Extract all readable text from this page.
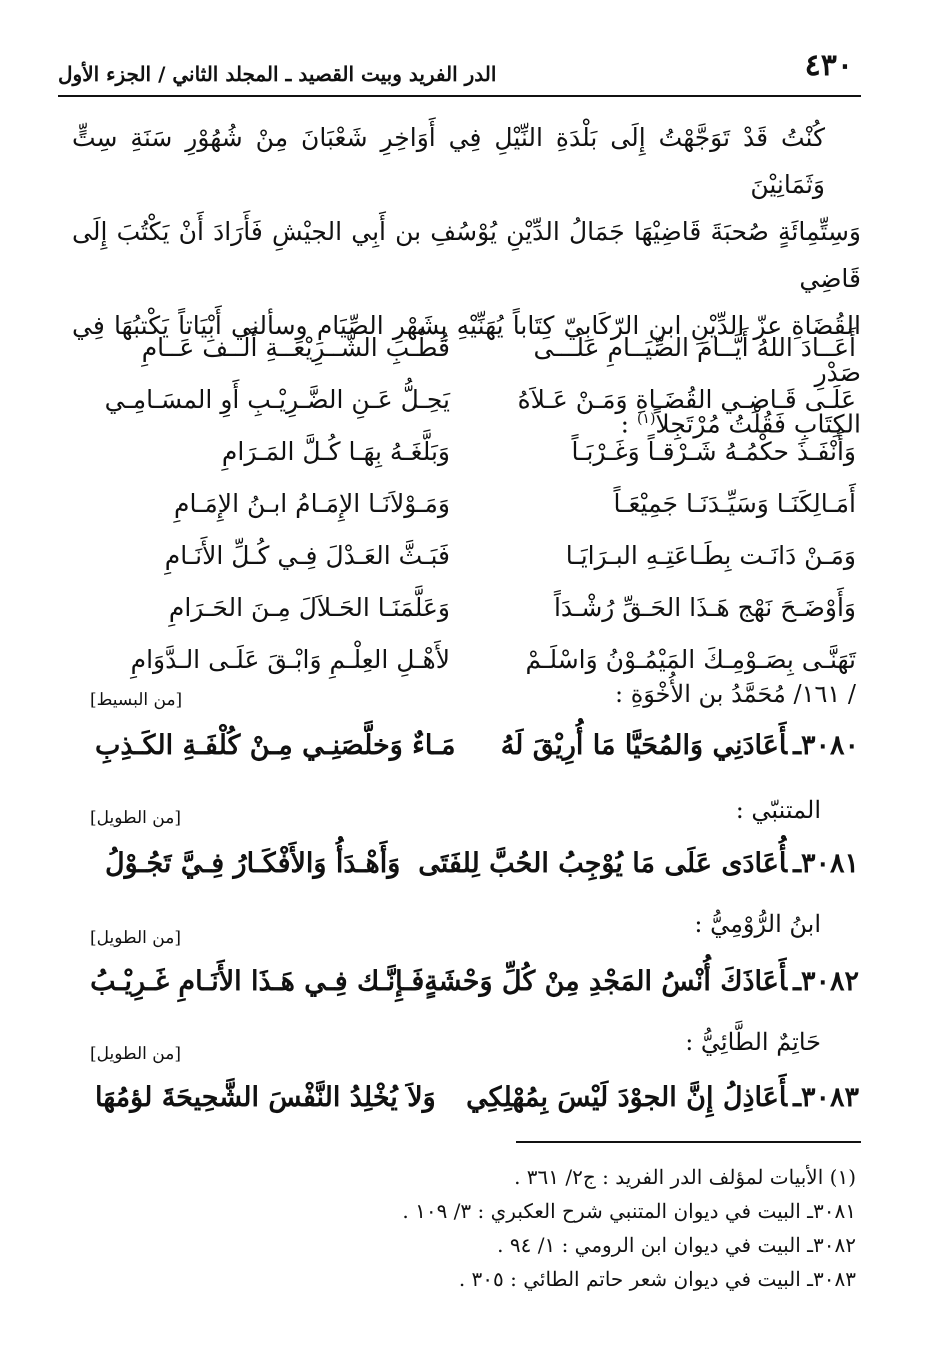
٤٣٠
الدر الفريد وبيت القصيد ـ المجلد الثاني / الجزء الأول

كُنْتُ قَدْ تَوَجَّهْتُ إِلَى بَلْدَةِ النِّيْلِ فِي أَوَاخِرِ شَعْبَانَ مِنْ شُهُوْرِ سَنَةِ سِتٍّ وَثَمَانِيْنَ

وَسِتِّمِائَةٍ صُحبَةَ قَاضِيْهَا جَمَالُ الدِّيْنِ يُوْسُفِ بن أَبِي الجيْشِ فَأَرَادَ أَنْ يَكْتُبَ إِلَى قَاضِي

القُضَاةِ عزّ الدِّيْنِ ابن الرّكَابِيّ كِتَاباً يُهَنِّيْهِ بِشَهْرِ الصِّيَامِ وسألني أَبْيَاتاً يَكْتبُهَا فِي صَدْرِ

الكِتَابِ فَقُلْتُ مُرْتَجِلاً$^{(١)}$ :

أَعَــادَ اللهُ أَيَّــامَ الصِّيَــامِ عَلَـــى
قُطْـبِ الشَّــرِيْعَــةِ أَلْــفَ عَــامِ
عَلَـى قَـاضِـي القُضَـاةِ وَمَـنْ عَـلاَهُ
يَحِـلُّ عَـنِ الضَّـرِيْـبِ أَوِ المسَـامِـي
وَأَنْفَـذَ حكْمُـهُ شَـرْقـاً وَغَـرْبَـاً
وَبَلَّغَـهُ بِهَـا كُـلَّ المَـرَامِ
أَمَـالِكَنَـا وَسَيِّـدَنَـا جَمِيْعَـاً
وَمَـوْلاَنَـا الإِمَـامُ ابـنُ الإِمَـامِ
وَمَـنْ دَانَـت بِطَـاعَتِـهِ البـرَايَـا
فَبَـثَّ العَـدْلَ فِـي كُـلِّ الأَنَـامِ
وَأَوْضَـحَ نَهْج هَـذَا الحَـقِّ رُشْـدَاً
وَعَلَّمَنَـا الحَـلاَلَ مِـنَ الحَـرَامِ
تَهَنَّـى بِصَـوْمِـكَ المَيْمُـوْنُ وَاسْلَـمْ
لأَهْـلِ العِلْـمِ وَابْـقَ عَلَـى الـدَّوَامِ
/ ١٦١/ مُحَمَّدُ بن الأُخْوَةِ :
[من البسيط]
٣٠٨٠ـأَعَادَنِي وَالمُحَيَّا مَا أُرِيْقَ لَهُ
مَـاءٌ وَخلَّصَنِـي مِـنْ كُلْفَـةِ الكَـذِبِ
المتنبّي :
[من الطويل]
٣٠٨١ـأُعَادَى عَلَى مَا يُوْجِبُ الحُبَّ لِلفَتَى
وَأَهْـدَأُ وَالأَفْكَـارُ فِـيَّ تَجُـوْلُ
ابنُ الرُّوْمِيُّ :
[من الطويل]
٣٠٨٢ـأَعَاذَكَ أُنْسُ المَجْدِ مِنْ كُلِّ وَحْشَةٍ
فَـإِنَّـك فِـي هَـذَا الأَنَـامِ غَـرِيْـبُ
حَاتِمٌ الطَّائِيُّ :
[من الطويل]
٣٠٨٣ـأَعَاذِلُ إِنَّ الجوْدَ لَيْسَ بِمُهْلِكِي
وَلاَ يُخْلِدُ النَّفْسَ الشَّحِيحَةَ لؤمُهَا
(١) الأبيات لمؤلف الدر الفريد : ج٢/ ٣٦١ .
٣٠٨١ـ البيت في ديوان المتنبي شرح العكبري : ٣/ ١٠٩ .
٣٠٨٢ـ البيت في ديوان ابن الرومي : ١/ ٩٤ .
٣٠٨٣ـ البيت في ديوان شعر حاتم الطائي : ٣٠٥ .
